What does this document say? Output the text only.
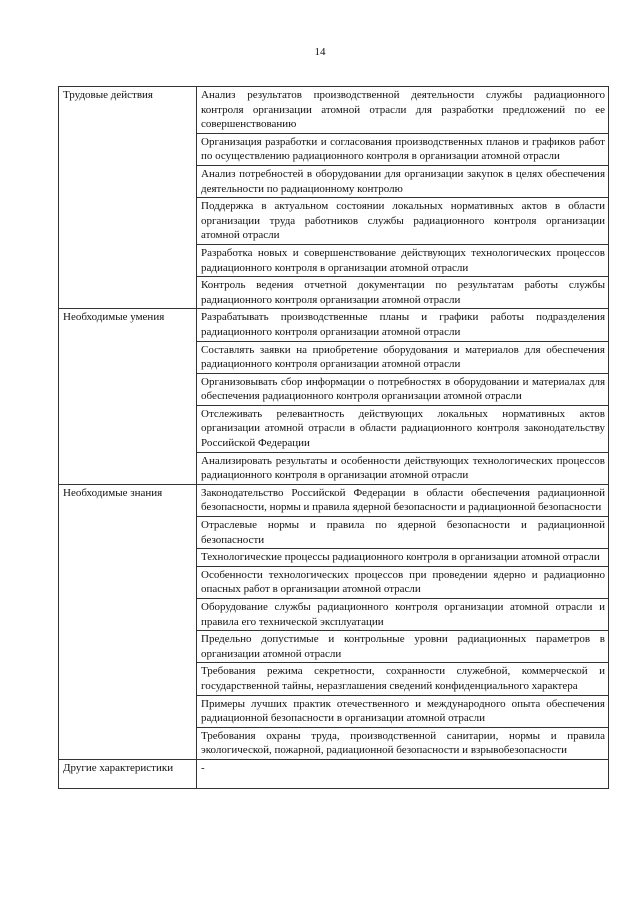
14
Трудовые действия	Анализ результатов производственной деятельности службы радиационного контроля организации атомной отрасли для разработки предложений по ее совершенствованию
	Организация разработки и согласования производственных планов и графиков работ по осуществлению радиационного контроля в организации атомной отрасли
	Анализ потребностей в оборудовании для организации закупок в целях обеспечения деятельности по радиационному контролю
	Поддержка в актуальном состоянии локальных нормативных актов в области организации труда работников службы радиационного контроля организации атомной отрасли
	Разработка новых и совершенствование действующих технологических процессов радиационного контроля в организации атомной отрасли
	Контроль ведения отчетной документации по результатам работы службы радиационного контроля организации атомной отрасли
Необходимые умения	Разрабатывать производственные планы и графики работы подразделения радиационного контроля организации атомной отрасли
	Составлять заявки на приобретение оборудования и материалов для обеспечения радиационного контроля организации атомной отрасли
	Организовывать сбор информации о потребностях в оборудовании и материалах для обеспечения радиационного контроля организации атомной отрасли
	Отслеживать релевантность действующих локальных нормативных актов организации атомной отрасли в области радиационного контроля законодательству Российской Федерации
	Анализировать результаты и особенности действующих технологических процессов радиационного контроля в организации атомной отрасли
Необходимые знания	Законодательство Российской Федерации в области обеспечения радиационной безопасности, нормы и правила ядерной безопасности и радиационной безопасности
	Отраслевые нормы и правила по ядерной безопасности и радиационной безопасности
	Технологические процессы радиационного контроля в организации атомной отрасли
	Особенности технологических процессов при проведении ядерно и радиационно опасных работ в организации атомной отрасли
	Оборудование службы радиационного контроля организации атомной отрасли и правила его технической эксплуатации
	Предельно допустимые и контрольные уровни радиационных параметров в организации атомной отрасли
	Требования режима секретности, сохранности служебной, коммерческой и государственной тайны, неразглашения сведений конфиденциального характера
	Примеры лучших практик отечественного и международного опыта обеспечения радиационной безопасности в организации атомной отрасли
	Требования охраны труда, производственной санитарии, нормы и правила экологической, пожарной, радиационной безопасности и взрывобезопасности
Другие характеристики	-
